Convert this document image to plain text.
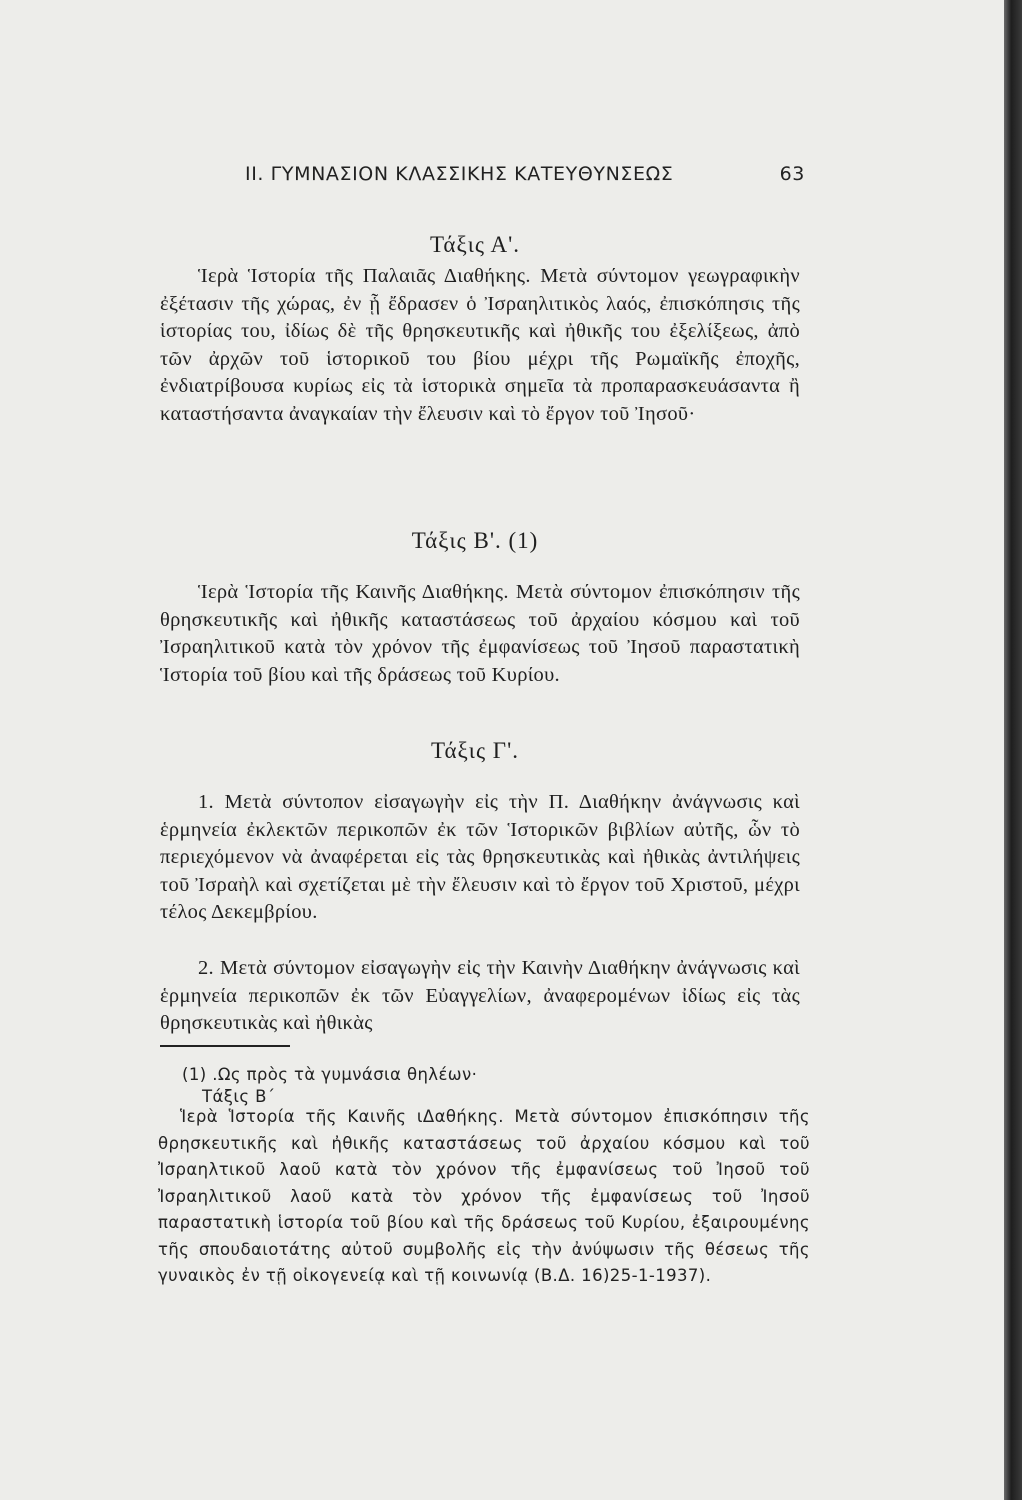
II. ΓΥΜΝΑΣΙΟΝ ΚΛΑΣΣΙΚΗΣ ΚΑΤΕΥΘΥΝΣΕΩΣ	63
Τάξις Α'.

Ἱερὰ Ἱστορία τῆς Παλαιᾶς Διαθήκης. Μετὰ σύντομον γεωγραφικὴν ἐξέτασιν τῆς χώρας, ἐν ᾗ ἔδρασεν ὁ Ἰσραηλιτικὸς λαός, ἐπισκόπησις τῆς ἱστορίας του, ἰδίως δὲ τῆς θρησκευτικῆς καὶ ἠθικῆς του ἐξελίξεως, ἀπὸ τῶν ἀρχῶν τοῦ ἱστορικοῦ του βίου μέχρι τῆς Ρωμαϊκῆς ἐποχῆς, ἐνδιατρίβουσα κυρίως εἰς τὰ ἱστορικὰ σημεῖα τὰ προπαρασκευάσαντα ἢ καταστήσαντα ἀναγκαίαν τὴν ἔλευσιν καὶ τὸ ἔργον τοῦ Ἰησοῦ·

Τάξις Β'. (1)

Ἱερὰ Ἱστορία τῆς Καινῆς Διαθήκης. Μετὰ σύντομον ἐπισκόπησιν τῆς θρησκευτικῆς καὶ ἠθικῆς καταστάσεως τοῦ ἀρχαίου κόσμου καὶ τοῦ Ἰσραηλιτικοῦ κατὰ τὸν χρόνον τῆς ἐμφανίσεως τοῦ Ἰησοῦ παραστατικὴ Ἱστορία τοῦ βίου καὶ τῆς δράσεως τοῦ Κυρίου.

Τάξις Γ'.

1. Μετὰ σύντοπον εἰσαγωγὴν εἰς τὴν Π. Διαθήκην ἀνάγνωσις καὶ ἑρμηνεία ἐκλεκτῶν περικοπῶν ἐκ τῶν Ἱστορικῶν βιβλίων αὐτῆς, ὧν τὸ περιεχόμενον νὰ ἀναφέρεται εἰς τὰς θρησκευτικὰς καὶ ἠθικὰς ἀντιλήψεις τοῦ Ἰσραὴλ καὶ σχετίζεται μὲ τὴν ἔλευσιν καὶ τὸ ἔργον τοῦ Χριστοῦ, μέχρι τέλος Δεκεμβρίου.

2. Μετὰ σύντομον εἰσαγωγὴν εἰς τὴν Καινὴν Διαθήκην ἀνάγνωσις καὶ ἑρμηνεία περικοπῶν ἐκ τῶν Εὐαγγελίων, ἀναφερομένων ἰδίως εἰς τὰς θρησκευτικὰς καὶ ἠθικὰς

(1) .Ως πρὸς τὰ γυμνάσια θηλέων·
Τάξις Β΄

Ἱερὰ Ἱστορία τῆς Καινῆς ιΔαθήκης. Μετὰ σύντομον ἐπισκόπησιν τῆς θρησκευτικῆς καὶ ἠθικῆς καταστάσεως τοῦ ἀρχαίου κόσμου καὶ τοῦ Ἰσραηλτικοῦ λαοῦ κατὰ τὸν χρόνον τῆς ἐμφανίσεως τοῦ Ἰησοῦ τοῦ Ἰσραηλιτικοῦ λαοῦ κατὰ τὸν χρόνον τῆς ἐμφανίσεως τοῦ Ἰησοῦ παραστατικὴ ἱστορία τοῦ βίου καὶ τῆς δράσεως τοῦ Κυρίου, ἐξαιρουμένης τῆς σπουδαιοτάτης αὐτοῦ συμβολῆς εἰς τὴν ἀνύψωσιν τῆς θέσεως τῆς γυναικὸς ἐν τῇ οἰκογενείᾳ καὶ τῇ κοινωνίᾳ (Β.Δ. 16)25-1-1937).
